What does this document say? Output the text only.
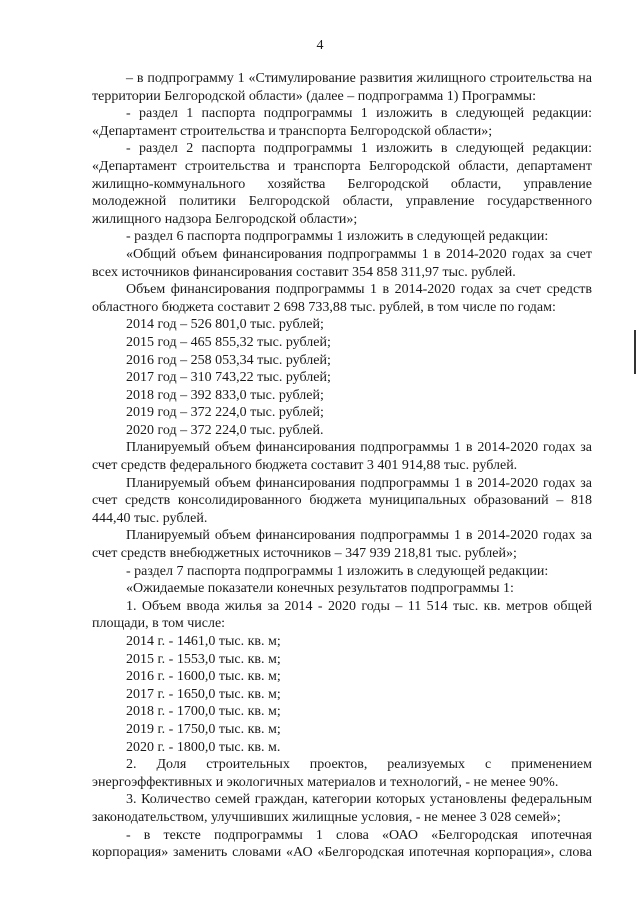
4

– в подпрограмму 1 «Стимулирование развития жилищного строительства на территории Белгородской области» (далее – подпрограмма 1) Программы:

- раздел 1 паспорта подпрограммы 1 изложить в следующей редакции: «Департамент строительства и транспорта Белгородской области»;

- раздел 2 паспорта подпрограммы 1 изложить в следующей редакции: «Департамент строительства и транспорта Белгородской области, департамент жилищно-коммунального хозяйства Белгородской области, управление молодежной политики Белгородской области, управление государственного жилищного надзора Белгородской области»;

- раздел 6 паспорта подпрограммы 1 изложить в следующей редакции:

«Общий объем финансирования подпрограммы 1 в 2014-2020 годах за счет всех источников финансирования составит 354 858 311,97 тыс. рублей.

Объем финансирования подпрограммы 1 в 2014-2020 годах за счет средств областного бюджета составит 2 698 733,88 тыс. рублей, в том числе по годам:

2014 год – 526 801,0 тыс. рублей;

2015 год – 465 855,32 тыс. рублей;

2016 год – 258 053,34 тыс. рублей;

2017 год – 310 743,22 тыс. рублей;

2018 год – 392 833,0 тыс. рублей;

2019 год – 372 224,0 тыс. рублей;

2020 год – 372 224,0 тыс. рублей.

Планируемый объем финансирования подпрограммы 1 в 2014-2020 годах за счет средств федерального бюджета составит 3 401 914,88 тыс. рублей.

Планируемый объем финансирования подпрограммы 1 в 2014-2020 годах за счет средств консолидированного бюджета муниципальных образований – 818 444,40 тыс. рублей.

Планируемый объем финансирования подпрограммы 1 в 2014-2020 годах за счет средств внебюджетных источников – 347 939 218,81 тыс. рублей»;

- раздел 7 паспорта подпрограммы 1 изложить в следующей редакции:

«Ожидаемые показатели конечных результатов подпрограммы 1:

1. Объем ввода жилья за 2014 - 2020 годы – 11 514 тыс. кв. метров общей площади, в том числе:

2014 г. - 1461,0 тыс. кв. м;

2015 г. - 1553,0 тыс. кв. м;

2016 г. - 1600,0 тыс. кв. м;

2017 г. - 1650,0 тыс. кв. м;

2018 г. - 1700,0 тыс. кв. м;

2019 г. - 1750,0 тыс. кв. м;

2020 г. - 1800,0 тыс. кв. м.

2. Доля строительных проектов, реализуемых с применением энергоэффективных и экологичных материалов и технологий, - не менее 90%.

3. Количество семей граждан, категории которых установлены федеральным законодательством, улучшивших жилищные условия, - не менее 3 028 семей»;

- в тексте подпрограммы 1 слова «ОАО «Белгородская ипотечная корпорация» заменить словами «АО «Белгородская ипотечная корпорация», слова
